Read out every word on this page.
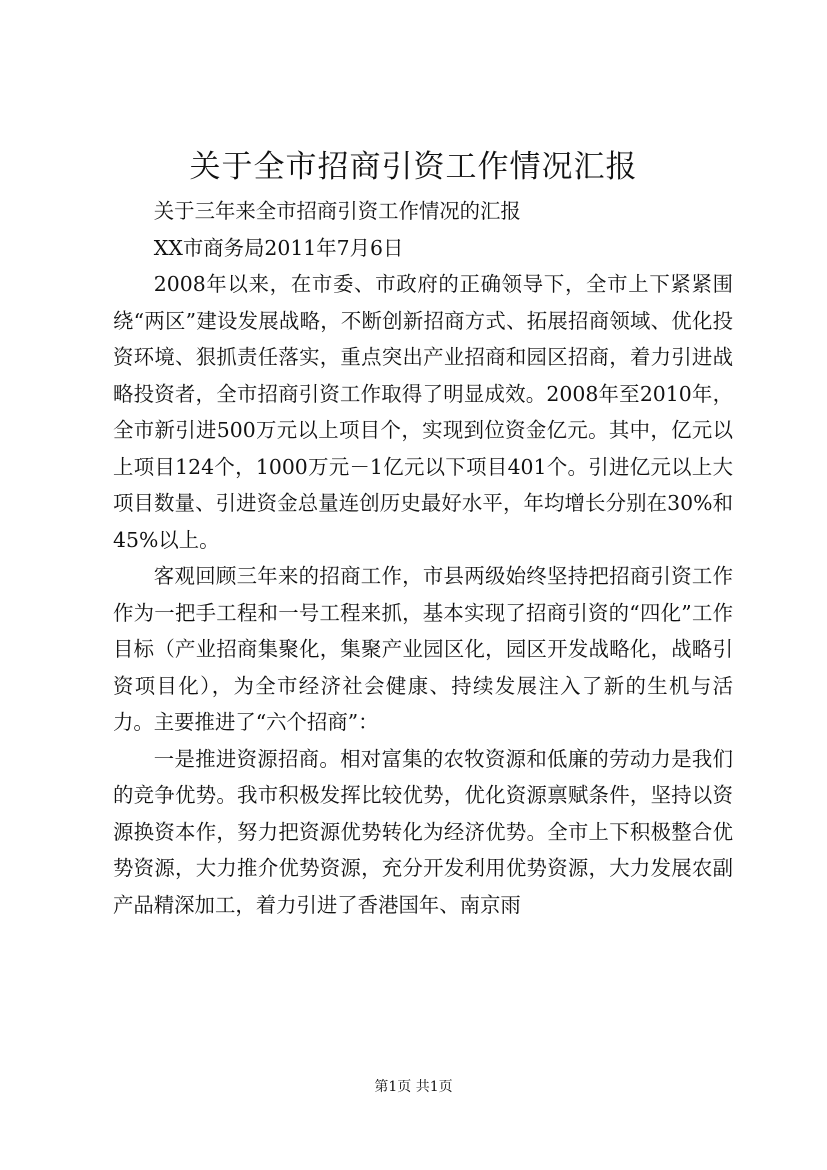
关于全市招商引资工作情况汇报

关于三年来全市招商引资工作情况的汇报

XX市商务局2011年7月6日

2008年以来，在市委、市政府的正确领导下，全市上下紧紧围绕“两区”建设发展战略，不断创新招商方式、拓展招商领域、优化投资环境、狠抓责任落实，重点突出产业招商和园区招商，着力引进战略投资者，全市招商引资工作取得了明显成效。2008年至2010年，全市新引进500万元以上项目个，实现到位资金亿元。其中，亿元以上项目124个，1000万元－1亿元以下项目401个。引进亿元以上大项目数量、引进资金总量连创历史最好水平，年均增长分别在30%和45%以上。

客观回顾三年来的招商工作，市县两级始终坚持把招商引资工作作为一把手工程和一号工程来抓，基本实现了招商引资的“四化”工作目标（产业招商集聚化，集聚产业园区化，园区开发战略化，战略引资项目化），为全市经济社会健康、持续发展注入了新的生机与活力。主要推进了“六个招商”：

一是推进资源招商。相对富集的农牧资源和低廉的劳动力是我们的竞争优势。我市积极发挥比较优势，优化资源禀赋条件，坚持以资源换资本作，努力把资源优势转化为经济优势。全市上下积极整合优势资源，大力推介优势资源，充分开发利用优势资源，大力发展农副产品精深加工，着力引进了香港国年、南京雨

第1页 共1页
